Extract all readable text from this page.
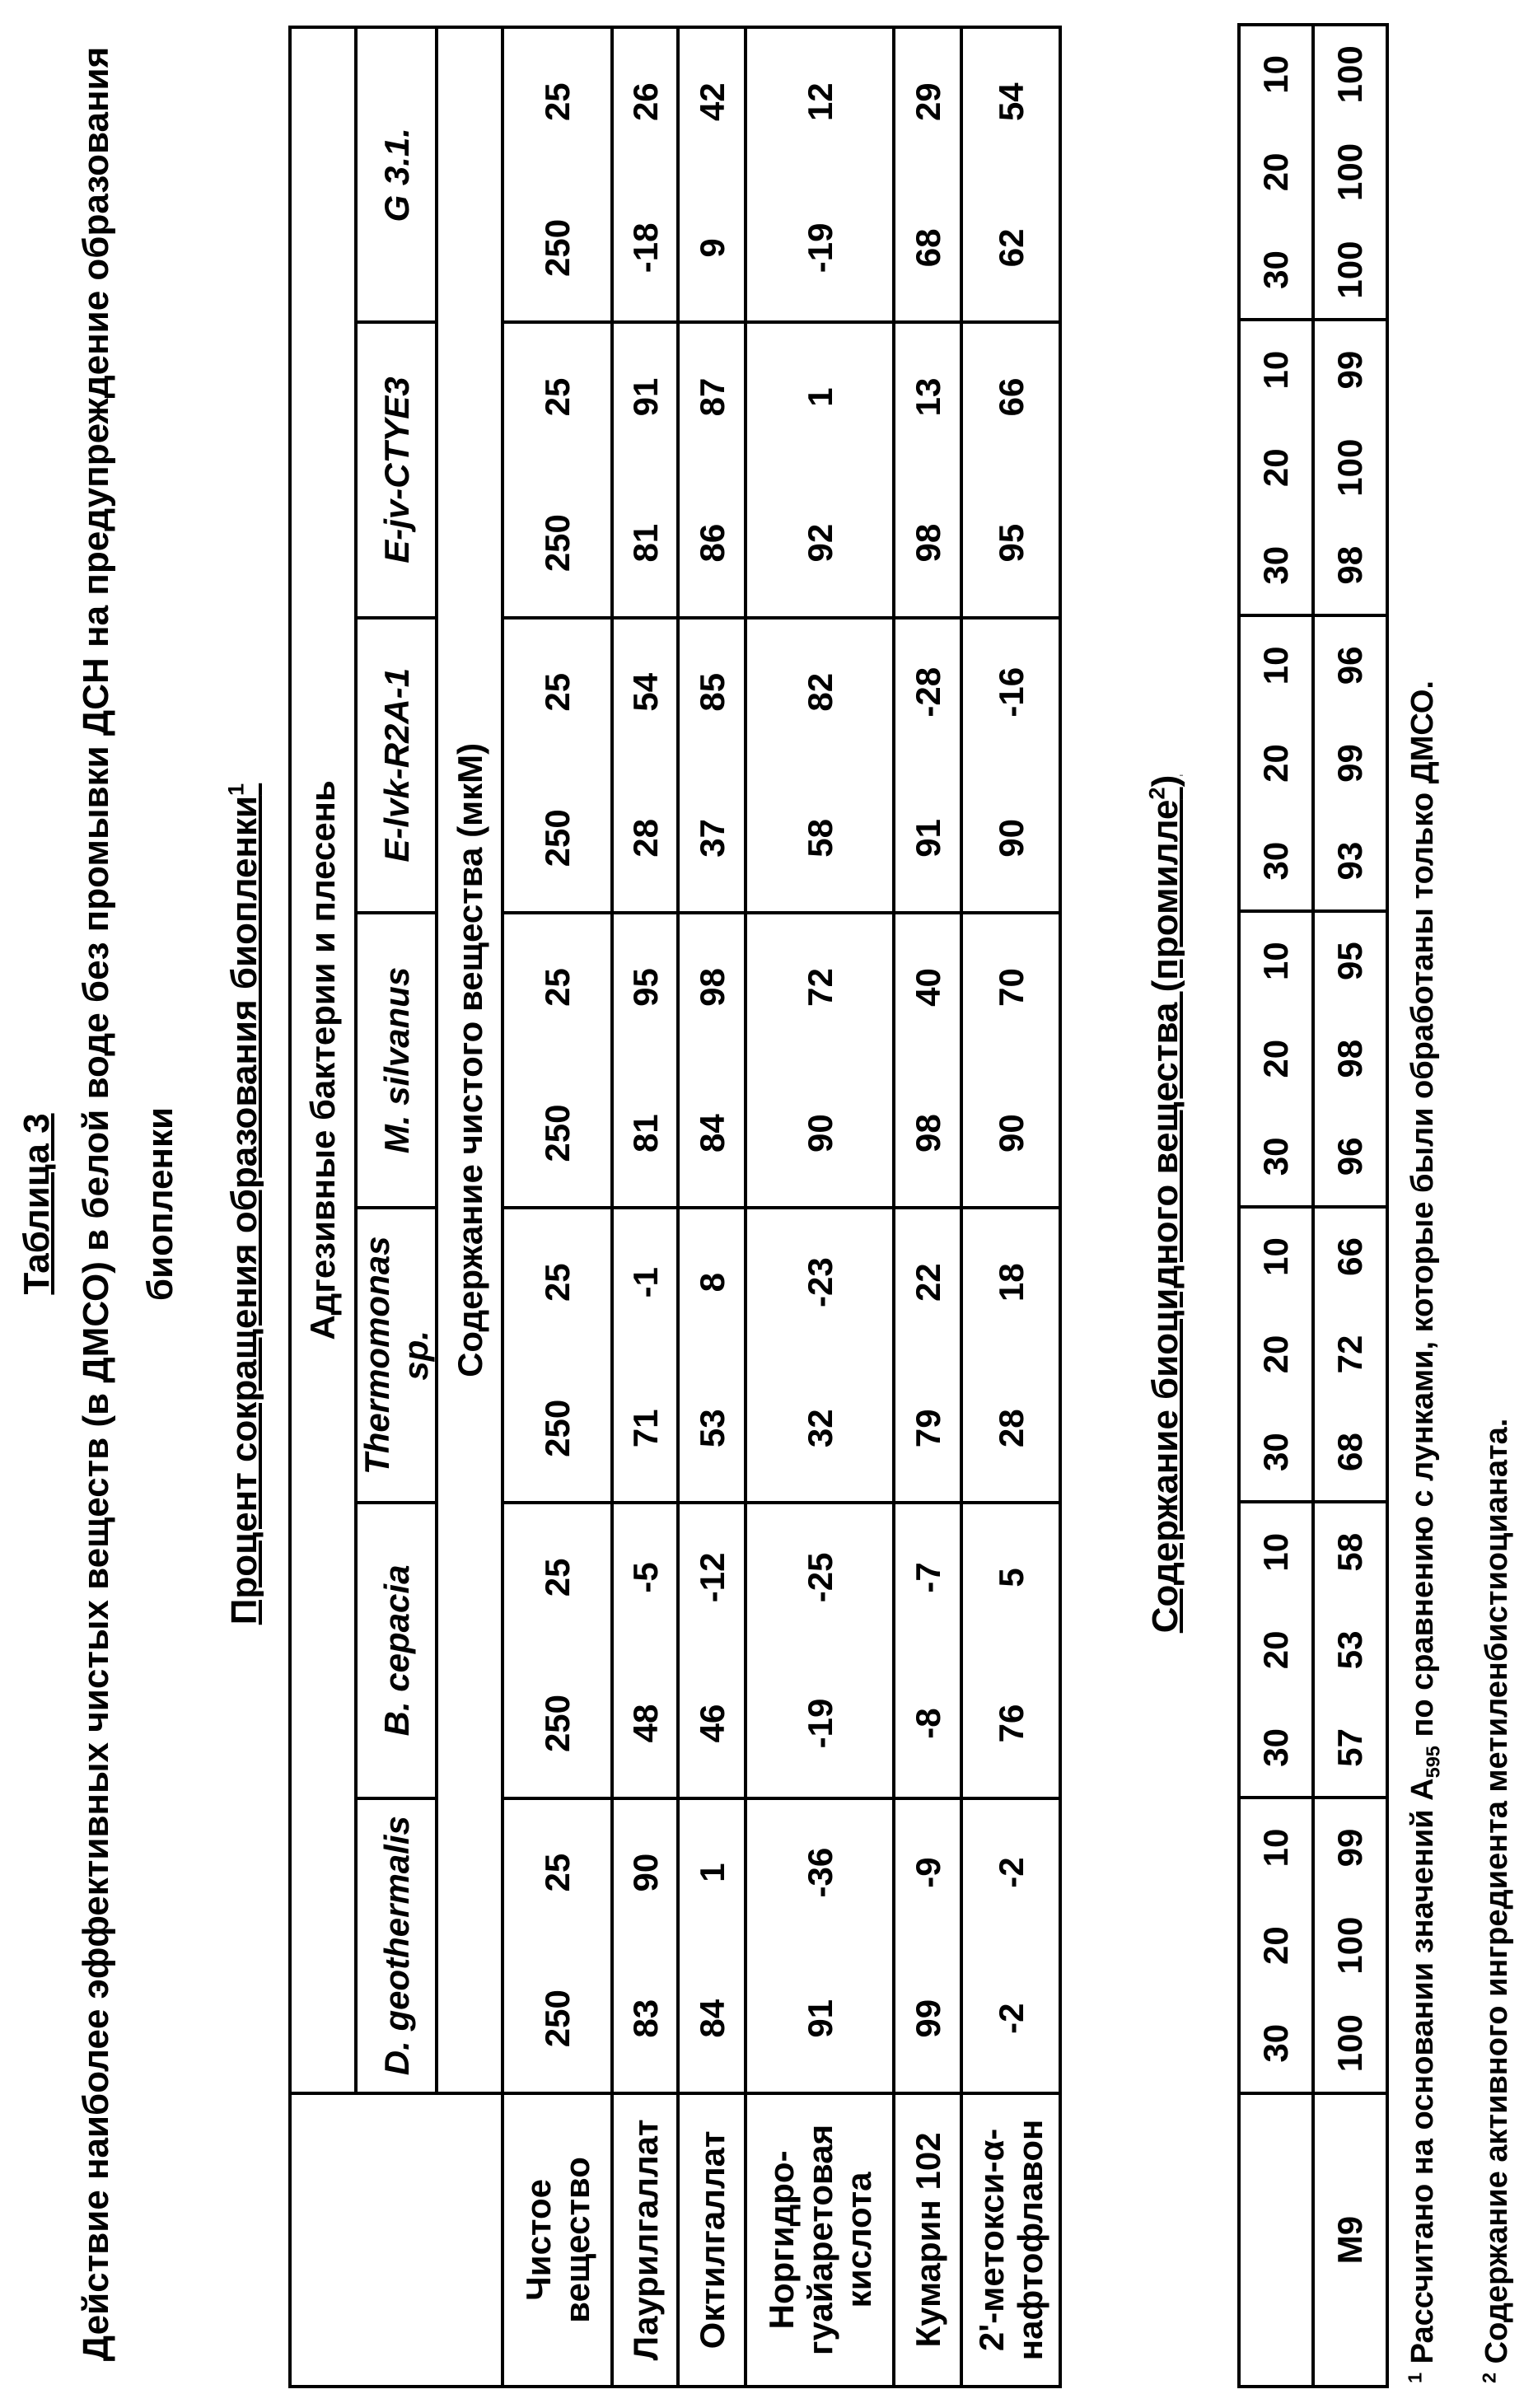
Таблица 3 Действие наиболее эффективных чистых веществ (в ДМСО) в белой воде без промывки ДСН на предупреждение образования биопленки Процент сокращения образования биопленки$^1$
		Адгезивные бактерии и плесень													
	D. geothermalis		B. cepacia		Thermomonas sp.		M. silvanus		E-lvk-R2A-1		E-jv-CTYE3		G 3.1.	
	Содержание чистого вещества (мкМ)													
Чистое
вещество	250	25	250	25	250	25	250	25	250	25	250	25	250	25
Лаурилгаллат	83	90	48	-5	71	-1	81	95	28	54	81	91	-18	26
Октилгаллат	84	1	46	-12	53	8	84	98	37	85	86	87	9	42
Норгидро-
гуайаретовая
кислота	91	-36	-19	-25	32	-23	90	72	58	82	92	1	-19	12
Кумарин 102	99	-9	-8	-7	79	22	98	40	91	-28	98	13	68	29
2'-метокси-α-
нафтофлавон	-2	-2	76	5	28	18	90	70	90	-16	95	66	62	54
Содержание биоцидного вещества (промилле$^2$)
	30	20	10	30	20	10	30	20	10	30	20	10	30	20	10	30	20	10	30	20	10
М9	100	100	99	57	53	58	68	72	66	96	98	95	93	99	96	98	100	99	100	100	100
$^1$ Рассчитано на основании значений $A_{595}$ по сравнению с лунками, которые были обработаны только ДМСО.
$^2$ Содержание активного ингредиента метиленбистиоцианата.
